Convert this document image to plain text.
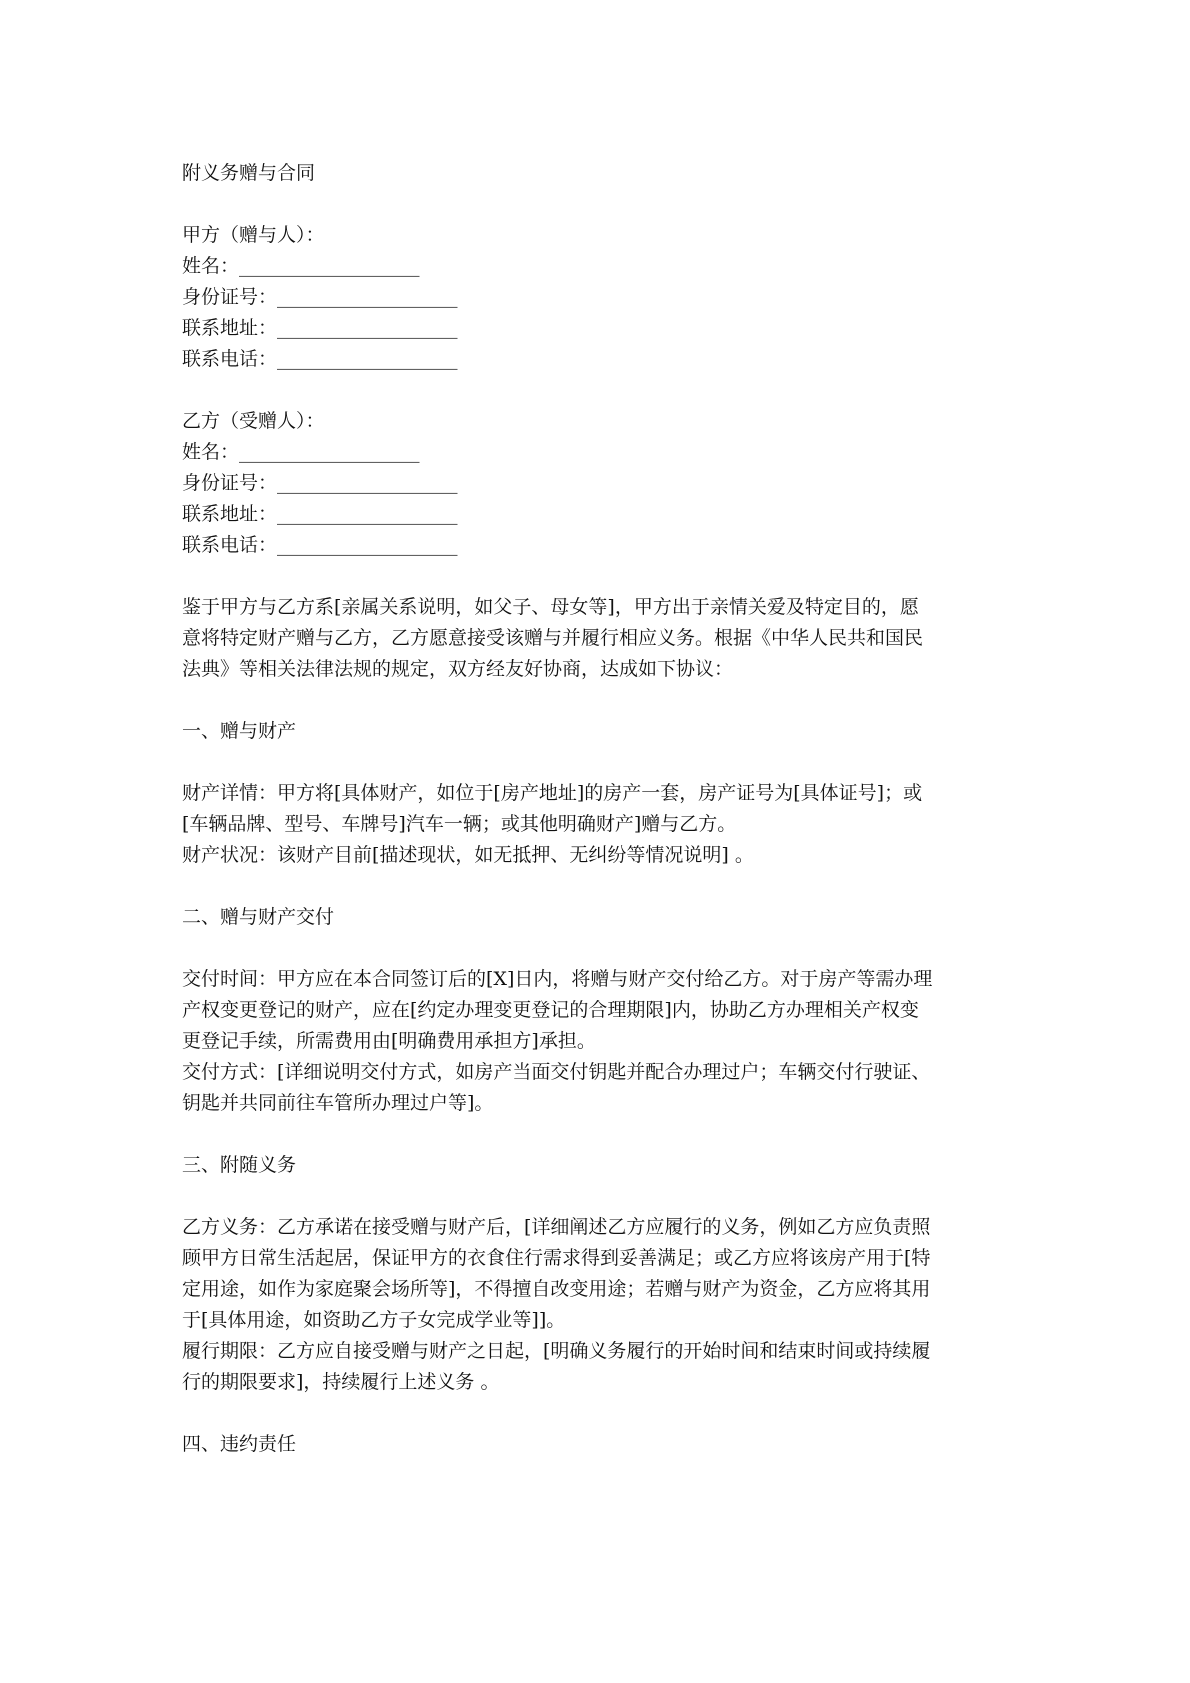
附义务赠与合同
甲方（赠与人）：
姓名：___________________
身份证号：___________________
联系地址：___________________
联系电话：___________________
乙方（受赠人）：
姓名：___________________
身份证号：___________________
联系地址：___________________
联系电话：___________________
鉴于甲方与乙方系[亲属关系说明，如父子、母女等]，甲方出于亲情关爱及特定目的，愿
意将特定财产赠与乙方，乙方愿意接受该赠与并履行相应义务。根据《中华人民共和国民
法典》等相关法律法规的规定，双方经友好协商，达成如下协议：
一、赠与财产
财产详情：甲方将[具体财产，如位于[房产地址]的房产一套，房产证号为[具体证号]；或
[车辆品牌、型号、车牌号]汽车一辆；或其他明确财产]赠与乙方。
财产状况：该财产目前[描述现状，如无抵押、无纠纷等情况说明] 。
二、赠与财产交付
交付时间：甲方应在本合同签订后的[X]日内，将赠与财产交付给乙方。对于房产等需办理
产权变更登记的财产，应在[约定办理变更登记的合理期限]内，协助乙方办理相关产权变
更登记手续，所需费用由[明确费用承担方]承担。
交付方式：[详细说明交付方式，如房产当面交付钥匙并配合办理过户；车辆交付行驶证、
钥匙并共同前往车管所办理过户等]。
三、附随义务
乙方义务：乙方承诺在接受赠与财产后，[详细阐述乙方应履行的义务，例如乙方应负责照
顾甲方日常生活起居，保证甲方的衣食住行需求得到妥善满足；或乙方应将该房产用于[特
定用途，如作为家庭聚会场所等]，不得擅自改变用途；若赠与财产为资金，乙方应将其用
于[具体用途，如资助乙方子女完成学业等]]。
履行期限：乙方应自接受赠与财产之日起，[明确义务履行的开始时间和结束时间或持续履
行的期限要求]，持续履行上述义务 。
四、违约责任
